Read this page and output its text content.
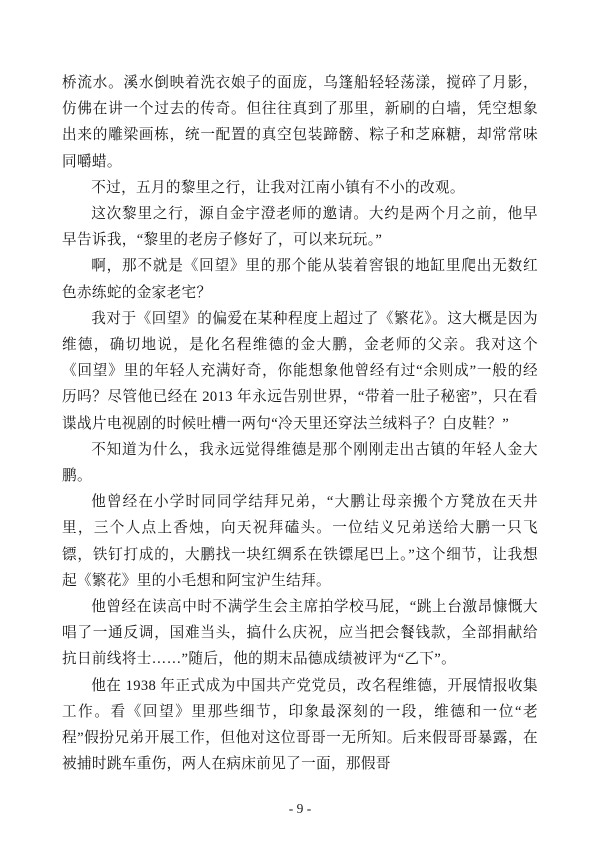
桥流水。溪水倒映着洗衣娘子的面庞，乌篷船轻轻荡漾，搅碎了月影，仿佛在讲一个过去的传奇。但往往真到了那里，新刷的白墙，凭空想象出来的雕梁画栋，统一配置的真空包装蹄髈、粽子和芝麻糖，却常常味同嚼蜡。

不过，五月的黎里之行，让我对江南小镇有不小的改观。

这次黎里之行，源自金宇澄老师的邀请。大约是两个月之前，他早早告诉我，“黎里的老房子修好了，可以来玩玩。”

啊，那不就是《回望》里的那个能从装着窖银的地缸里爬出无数红色赤练蛇的金家老宅？

我对于《回望》的偏爱在某种程度上超过了《繁花》。这大概是因为维德，确切地说，是化名程维德的金大鹏，金老师的父亲。我对这个《回望》里的年轻人充满好奇，你能想象他曾经有过“余则成”一般的经历吗？尽管他已经在 2013 年永远告别世界，“带着一肚子秘密”，只在看谍战片电视剧的时候吐槽一两句“冷天里还穿法兰绒料子？白皮鞋？”

不知道为什么，我永远觉得维德是那个刚刚走出古镇的年轻人金大鹏。

他曾经在小学时同同学结拜兄弟，“大鹏让母亲搬个方凳放在天井里，三个人点上香烛，向天祝拜磕头。一位结义兄弟送给大鹏一只飞镖，铁钉打成的，大鹏找一块红绸系在铁镖尾巴上。”这个细节，让我想起《繁花》里的小毛想和阿宝沪生结拜。

他曾经在读高中时不满学生会主席拍学校马屁，“跳上台激昂慷慨大唱了一通反调，国难当头，搞什么庆祝，应当把会餐钱款，全部捐献给抗日前线将士……”随后，他的期末品德成绩被评为“乙下”。

他在 1938 年正式成为中国共产党党员，改名程维德，开展情报收集工作。看《回望》里那些细节，印象最深刻的一段，维德和一位“老程”假扮兄弟开展工作，但他对这位哥哥一无所知。后来假哥哥暴露，在被捕时跳车重伤，两人在病床前见了一面，那假哥

- 9 -
